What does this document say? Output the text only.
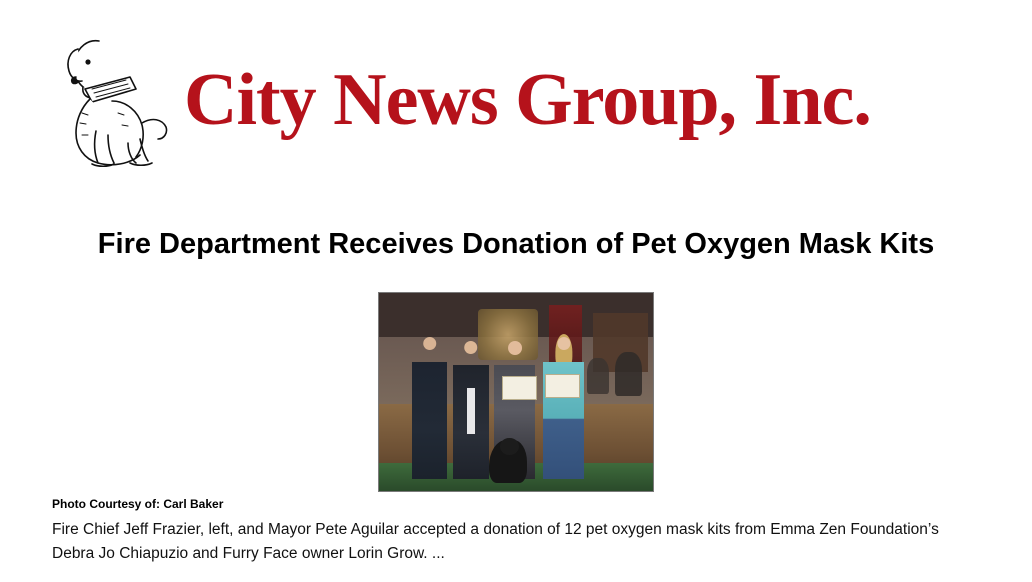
City News Group, Inc.
Fire Department Receives Donation of Pet Oxygen Mask Kits
Photo Courtesy of: Carl Baker
Fire Chief Jeff Frazier, left, and Mayor Pete Aguilar accepted a donation of 12 pet oxygen mask kits from Emma Zen Foundation’s Debra Jo Chiapuzio and Furry Face owner Lorin Grow. ...
